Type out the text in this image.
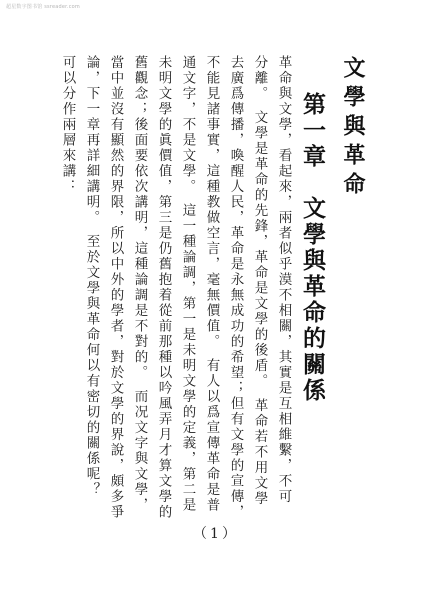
超星数字图书馆 ssreader.com
文學與革命
第一章　文學與革命的關係
革命與文學，看起來，兩者似乎漠不相關，其實是互相維繫，不可
分離。　文學是革命的先鋒，革命是文學的後盾。　革命若不用文學
去廣爲傳播，喚醒人民，革命是永無成功的希望；但有文學的宣傳，
不能見諸事實，這種教做空言，毫無價值。　有人以爲宣傳革命是普
通文字，不是文學。　這一種論調，第一是未明文學的定義，第二是
未明文學的眞價值，第三是仍舊抱着從前那種以吟風弄月才算文學的
舊觀念；後面要依次講明，這種論調是不對的。　而况文字與文學，
當中並沒有顯然的界限，所以中外的學者，對於文學的界說，頗多爭
論，下一章再詳細講明。　至於文學與革命何以有密切的關係呢？
可以分作兩層來講：
（1）
